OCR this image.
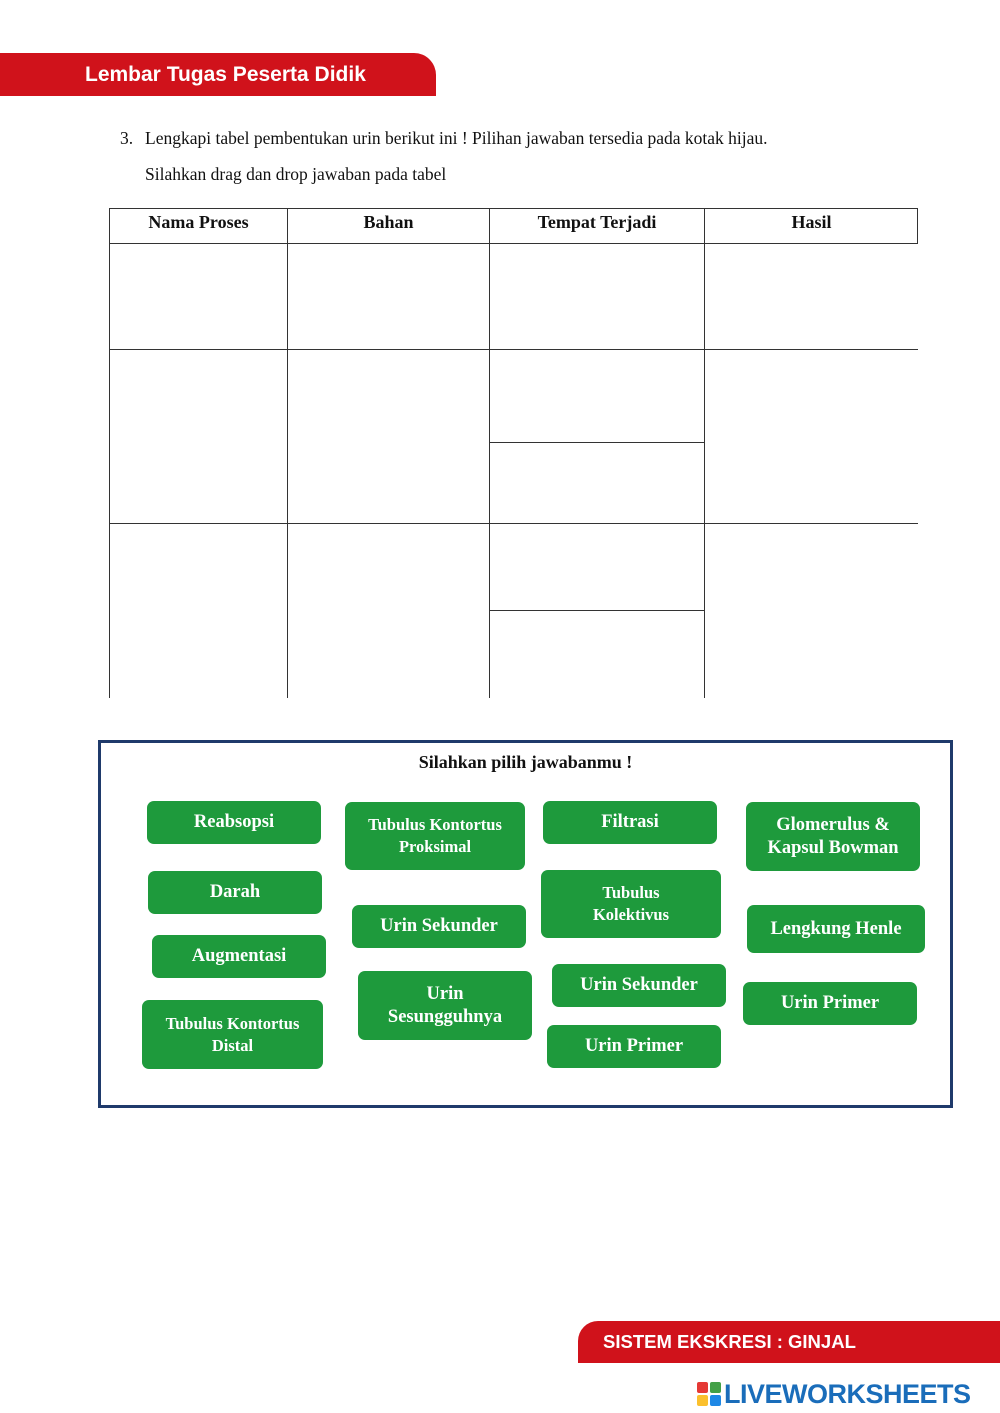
Lembar Tugas Peserta Didik
3. Lengkapi tabel pembentukan urin berikut ini ! Pilihan jawaban tersedia pada kotak hijau.
Silahkan drag dan drop jawaban pada tabel
Nama Proses	Bahan	Tempat Terjadi	Hasil
Silahkan pilih jawabanmu !
Reabsopsi	Tubulus Kontortus Proksimal
Filtrasi	Glomerulus & Kapsul Bowman
Darah	Tubulus Kolektivus
Urin Sekunder	Lengkung Henle
Augmentasi
Urin Sekunder
Urin Primer
Tubulus Kontortus Distal
Urin Sesungguhnya
Urin Primer
SISTEM EKSKRESI : GINJAL
LIVEWORKSHEETS
